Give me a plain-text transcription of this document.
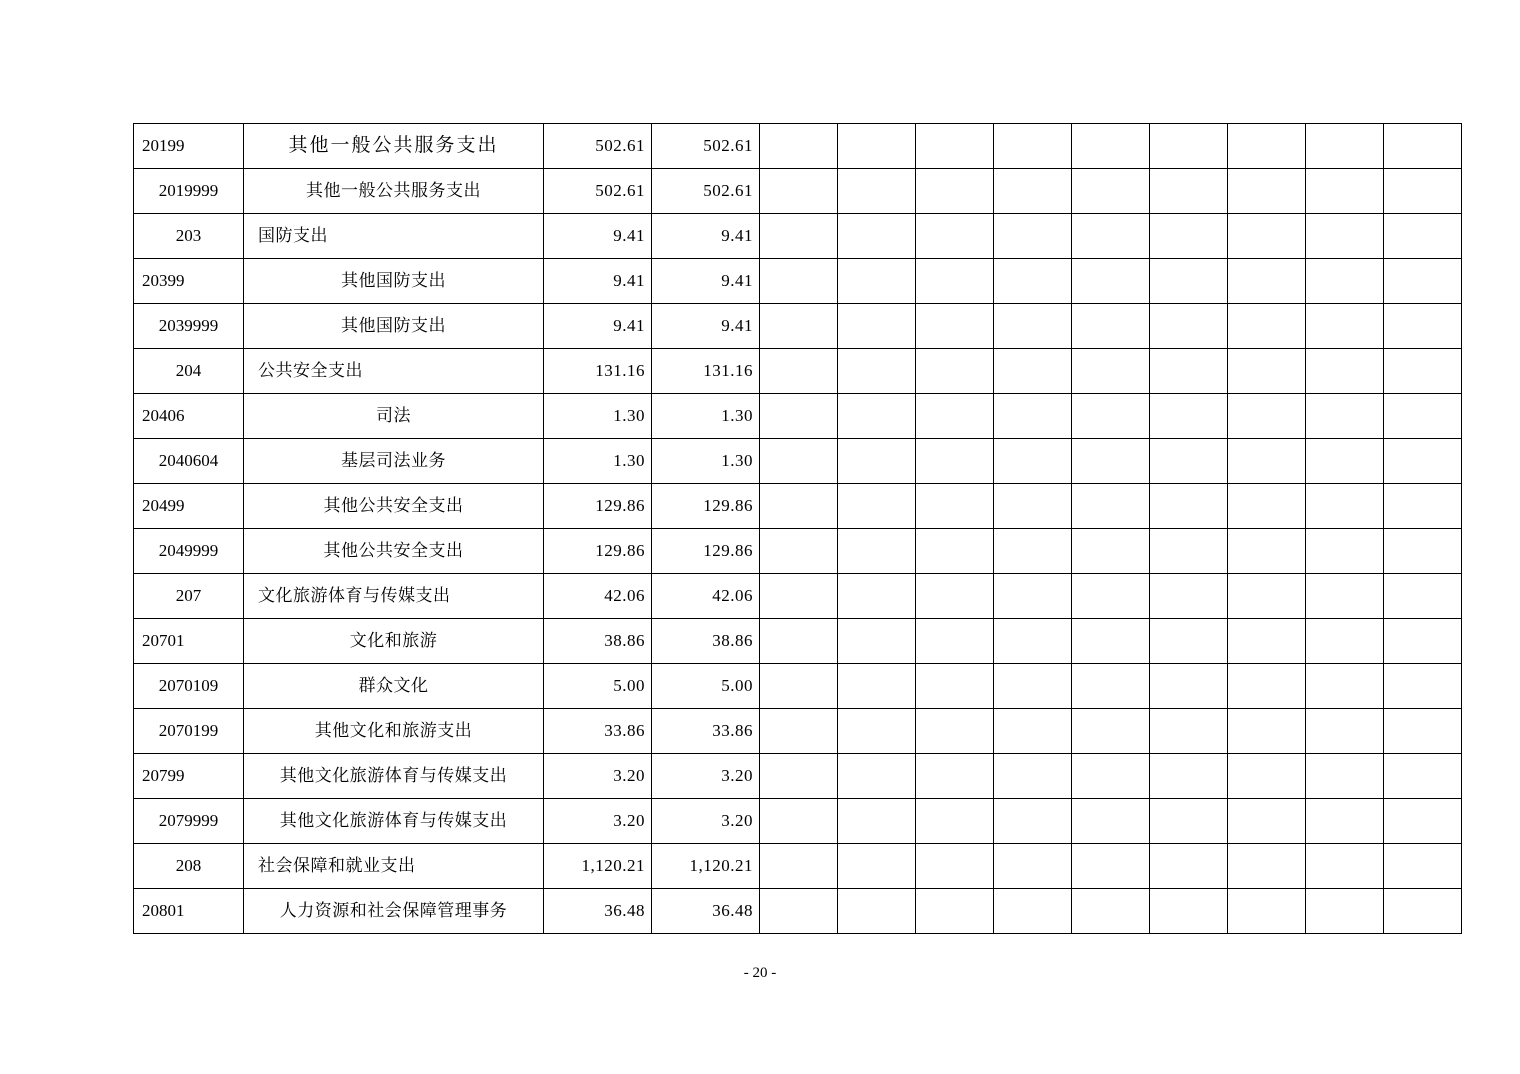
20199	其他一般公共服务支出	502.61	502.61									
2019999	其他一般公共服务支出	502.61	502.61									
203	国防支出	9.41	9.41									
20399	其他国防支出	9.41	9.41									
2039999	其他国防支出	9.41	9.41									
204	公共安全支出	131.16	131.16									
20406	司法	1.30	1.30									
2040604	基层司法业务	1.30	1.30									
20499	其他公共安全支出	129.86	129.86									
2049999	其他公共安全支出	129.86	129.86									
207	文化旅游体育与传媒支出	42.06	42.06									
20701	文化和旅游	38.86	38.86									
2070109	群众文化	5.00	5.00									
2070199	其他文化和旅游支出	33.86	33.86									
20799	其他文化旅游体育与传媒支出	3.20	3.20									
2079999	其他文化旅游体育与传媒支出	3.20	3.20									
208	社会保障和就业支出	1,120.21	1,120.21									
20801	人力资源和社会保障管理事务	36.48	36.48									
- 20 -
